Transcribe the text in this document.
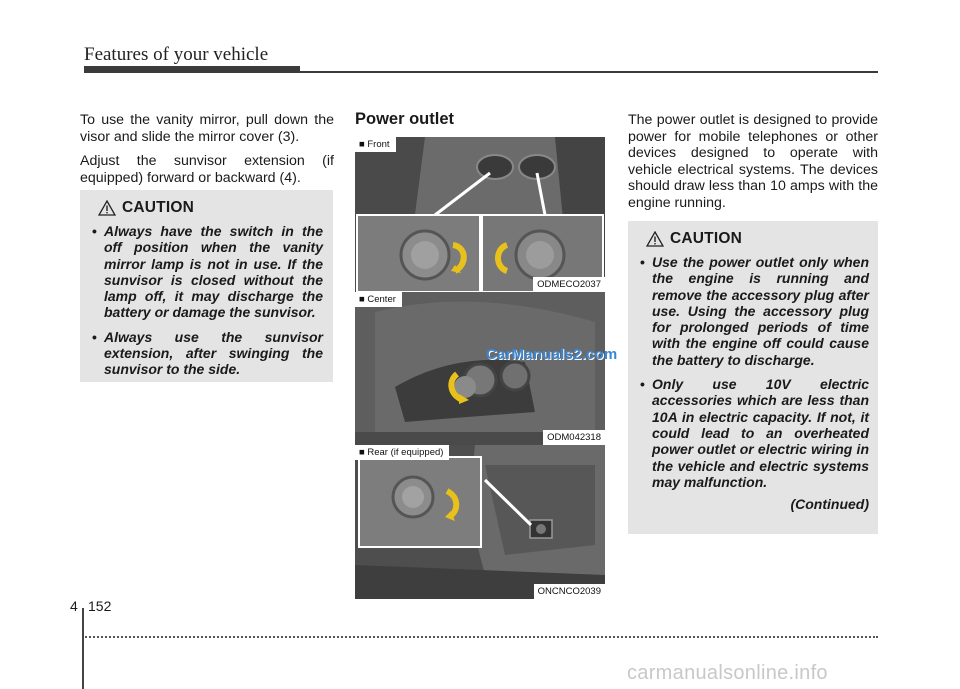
Features of your vehicle

To use the vanity mirror, pull down the visor and slide the mirror cover (3).

Adjust the sunvisor extension (if equipped) forward or backward (4).

CAUTION
• Always have the switch in the off position when the vanity mirror lamp is not in use. If the sunvisor is closed without the lamp off, it may discharge the battery or damage the sunvisor.
• Always use the sunvisor extension, after swinging the sunvisor to the side.
Power outlet
■ Front
ODMECO2037
■ Center
ODM042318
■ Rear (if equipped)
ONCNCO2039
CarManuals2.com

The power outlet is designed to provide power for mobile telephones or other devices designed to operate with vehicle electrical systems. The devices should draw less than 10 amps with the engine running.

CAUTION
• Use the power outlet only when the engine is running and remove the accessory plug after use. Using the accessory plug for prolonged periods of time with the engine off could cause the battery to discharge.
• Only use 10V electric accessories which are less than 10A in electric capacity. If not, it could lead to an overheated power outlet or electric wiring in the vehicle and electric systems may malfunction.
(Continued)
4 152
carmanualsonline.info
